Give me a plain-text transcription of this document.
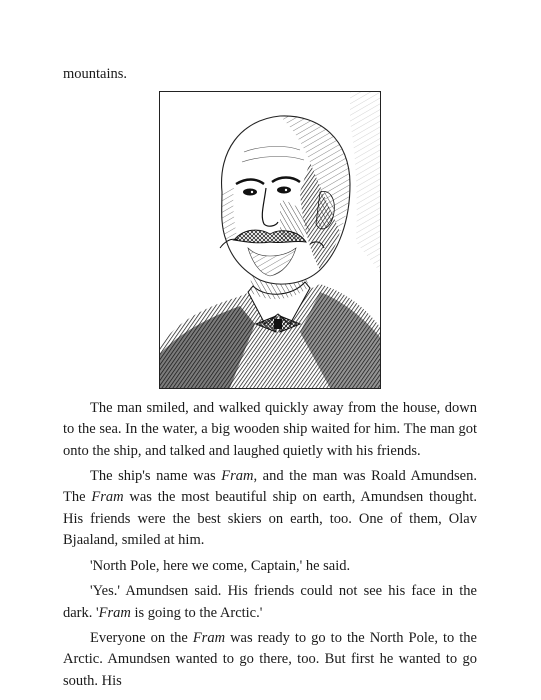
mountains.

The man smiled, and walked quickly away from the house, down to the sea. In the water, a big wooden ship waited for him. The man got onto the ship, and talked and laughed quietly with his friends.

The ship's name was Fram, and the man was Roald Amundsen. The Fram was the most beautiful ship on earth, Amundsen thought. His friends were the best skiers on earth, too. One of them, Olav Bjaaland, smiled at him.

'North Pole, here we come, Captain,' he said.

'Yes.' Amundsen said. His friends could not see his face in the dark. 'Fram is going to the Arctic.'

Everyone on the Fram was ready to go to the North Pole, to the Arctic. Amundsen wanted to go there, too. But first he wanted to go south. His
